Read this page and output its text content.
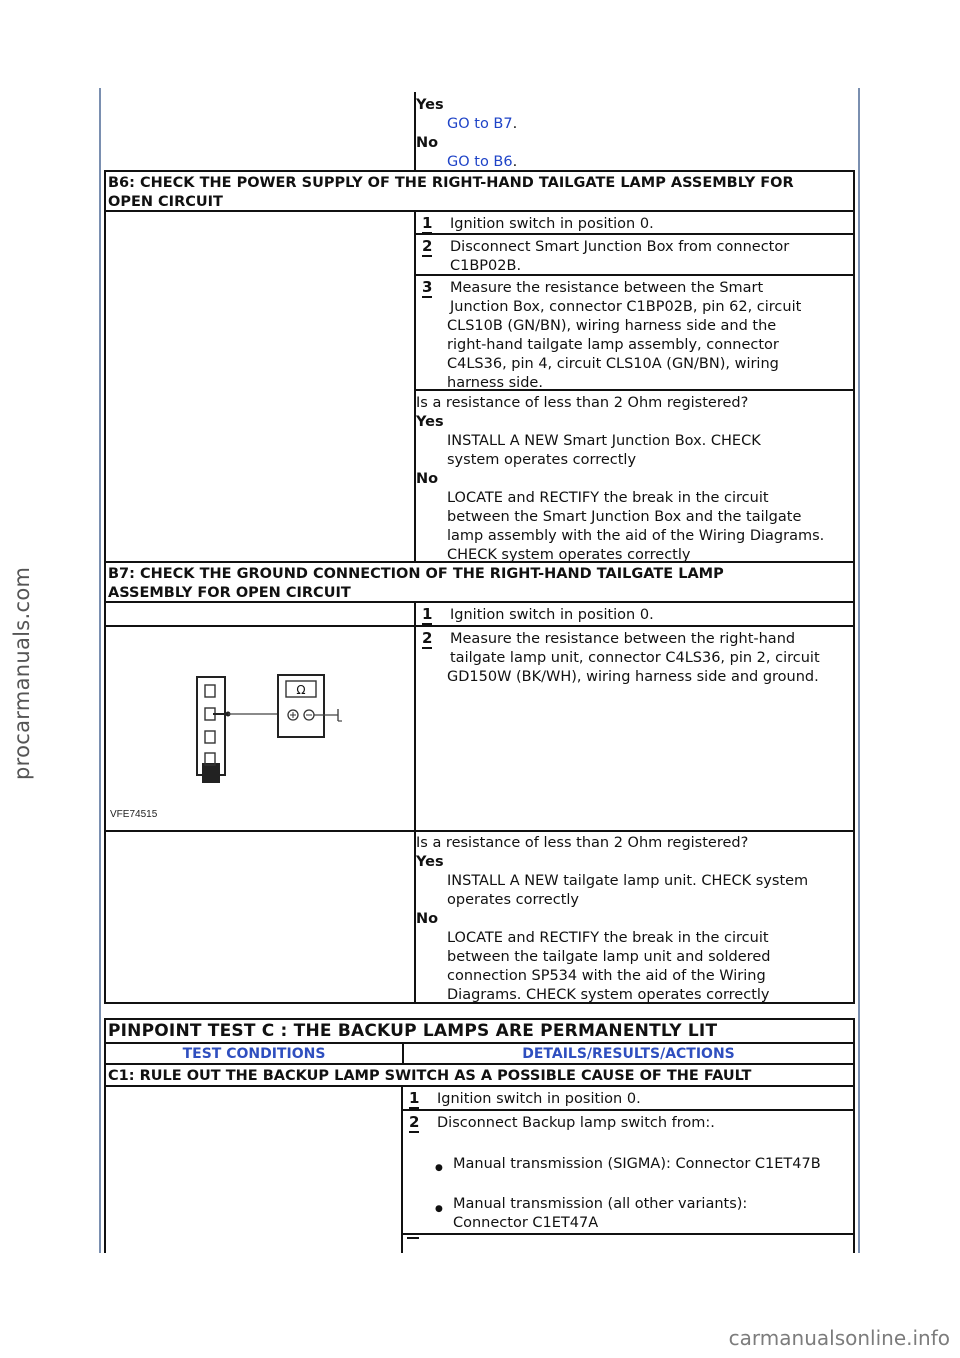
procarmanuals.com
carmanualsonline.info
Yes
GO to B7.
No
GO to B6.
B6: CHECK THE POWER SUPPLY OF THE RIGHT-HAND TAILGATE LAMP ASSEMBLY FOR
OPEN CIRCUIT
1 Ignition switch in position 0.
2 Disconnect Smart Junction Box from connector
C1BP02B.
3 Measure the resistance between the Smart
Junction Box, connector C1BP02B, pin 62, circuit
CLS10B (GN/BN), wiring harness side and the
right-hand tailgate lamp assembly, connector
C4LS36, pin 4, circuit CLS10A (GN/BN), wiring
harness side.
Is a resistance of less than 2 Ohm registered?
Yes
INSTALL A NEW Smart Junction Box. CHECK
system operates correctly
No
LOCATE and RECTIFY the break in the circuit
between the Smart Junction Box and the tailgate
lamp assembly with the aid of the Wiring Diagrams.
CHECK system operates correctly
B7: CHECK THE GROUND CONNECTION OF THE RIGHT-HAND TAILGATE LAMP
ASSEMBLY FOR OPEN CIRCUIT
1 Ignition switch in position 0.
2 Measure the resistance between the right-hand
tailgate lamp unit, connector C4LS36, pin 2, circuit
GD150W (BK/WH), wiring harness side and ground.
Ω
VFE74515
Is a resistance of less than 2 Ohm registered?
Yes
INSTALL A NEW tailgate lamp unit. CHECK system
operates correctly
No
LOCATE and RECTIFY the break in the circuit
between the tailgate lamp unit and soldered
connection SP534 with the aid of the Wiring
Diagrams. CHECK system operates correctly
PINPOINT TEST C : THE BACKUP LAMPS ARE PERMANENTLY LIT
TEST CONDITIONS	DETAILS/RESULTS/ACTIONS
C1: RULE OUT THE BACKUP LAMP SWITCH AS A POSSIBLE CAUSE OF THE FAULT
1 Ignition switch in position 0.
2 Disconnect Backup lamp switch from:.
● Manual transmission (SIGMA): Connector C1ET47B
Manual transmission (all other variants):
Connector C1ET47A
